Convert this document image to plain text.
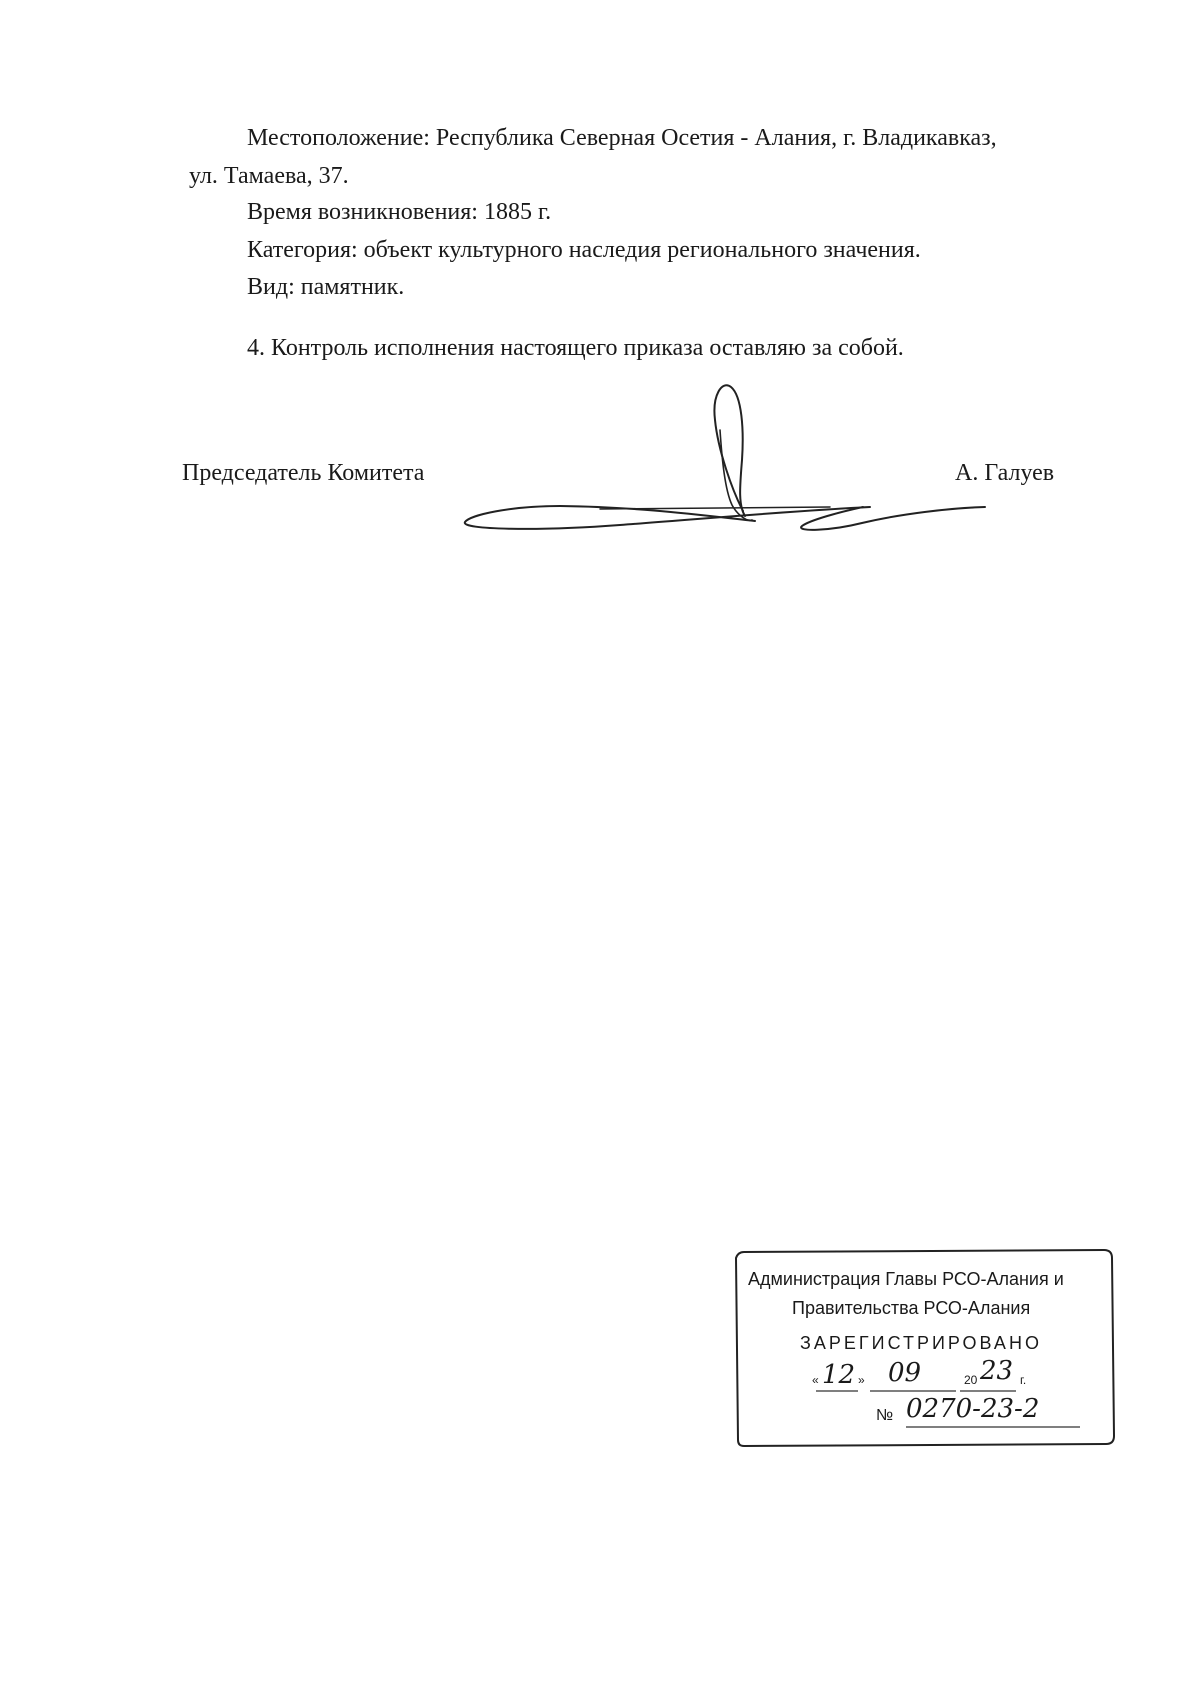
Местоположение: Республика Северная Осетия - Алания, г. Владикавказ,
ул. Тамаева, 37.
Время возникновения: 1885 г.
Категория: объект культурного наследия регионального значения.
Вид: памятник.
4. Контроль исполнения настоящего приказа оставляю за собой.
Председатель Комитета	А. Галуев
Администрация Главы РСО-Алания и
Правительства РСО-Алания
ЗАРЕГИСТРИРОВАНО
« 12 » 09	20 23 г.
№ 0270-23-2
